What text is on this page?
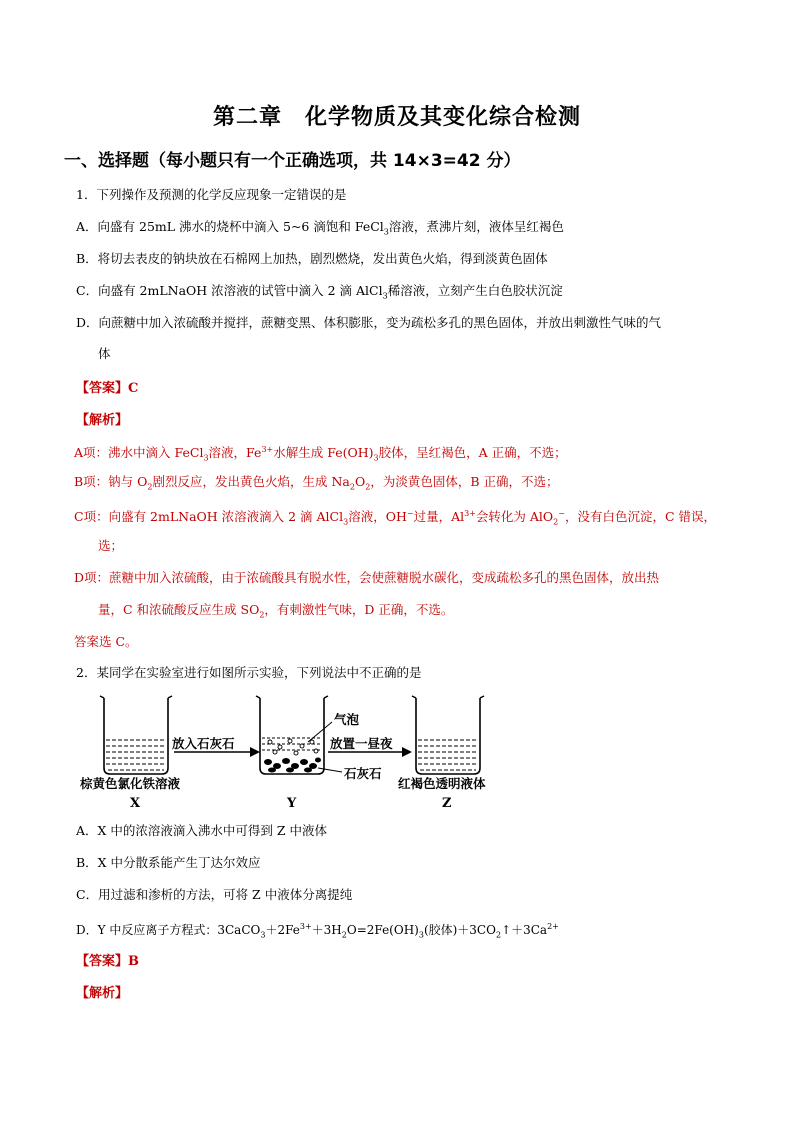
第二章　化学物质及其变化综合检测
一、选择题（每小题只有一个正确选项，共 14×3=42 分）
1．下列操作及预测的化学反应现象一定错误的是
A．向盛有 25mL 沸水的烧杯中滴入 5~6 滴饱和 FeCl$_3$溶液，煮沸片刻，液体呈红褐色
B．将切去表皮的钠块放在石棉网上加热，剧烈燃烧，发出黄色火焰，得到淡黄色固体
C．向盛有 2mLNaOH 浓溶液的试管中滴入 2 滴 AlCl$_3$稀溶液，立刻产生白色胶状沉淀
D．向蔗糖中加入浓硫酸并搅拌，蔗糖变黑、体积膨胀，变为疏松多孔的黑色固体，并放出刺激性气味的气
体
【答案】C
【解析】
A项：沸水中滴入 FeCl$_3$溶液，$Fe^{3+}$水解生成 $Fe(OH)_3$胶体，呈红褐色，A 正确，不选；
B项：钠与 $O_2$剧烈反应，发出黄色火焰，生成 $Na_2O_2$，为淡黄色固体，B 正确，不选；
C项：向盛有 2mLNaOH 浓溶液滴入 2 滴 AlCl$_3$溶液，OH−过量，$Al^{3+}$会转化为 AlO$_2$−，没有白色沉淀，C 错误，
选；
D项：蔗糖中加入浓硫酸，由于浓硫酸具有脱水性，会使蔗糖脱水碳化，变成疏松多孔的黑色固体，放出热
量，C 和浓硫酸反应生成 $SO_2$，有刺激性气味，D 正确，不选。
答案选 C。
2．某同学在实验室进行如图所示实验，下列说法中不正确的是
放入石灰石	放置一昼夜
气泡
石灰石
棕黄色氯化铁溶液	红褐色透明液体
X	Y	Z
A．X 中的浓溶液滴入沸水中可得到 Z 中液体
B．X 中分散系能产生丁达尔效应
C．用过滤和渗析的方法，可将 Z 中液体分离提纯
D．Y 中反应离子方程式：$3CaCO_3+2Fe^{3+}+3H_2O=2Fe(OH)_3$(胶体)$+3CO_2↑+3Ca^{2+}$
【答案】B
【解析】
